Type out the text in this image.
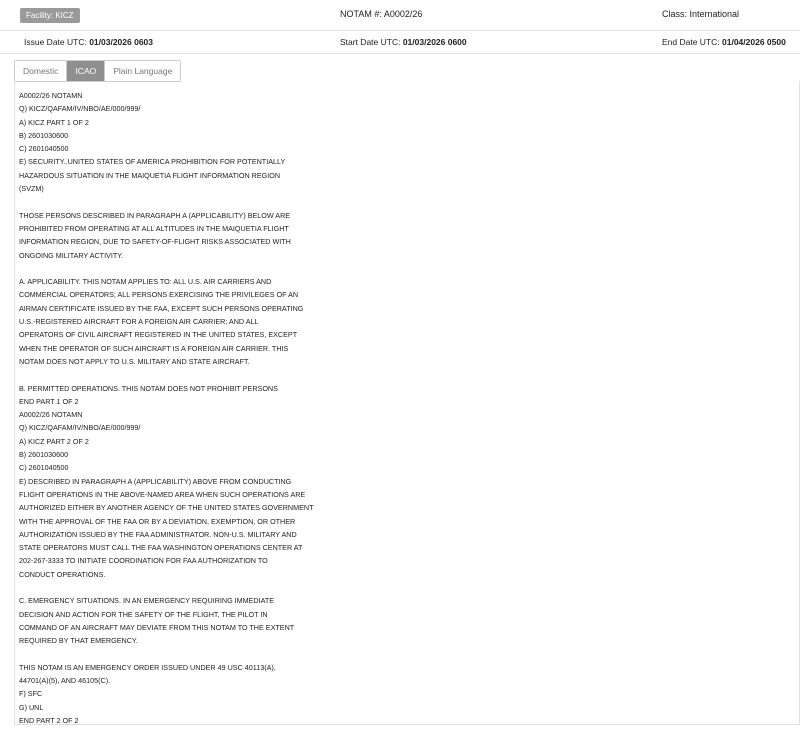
Facility: KICZ	NOTAM #: A0002/26	Class: International
Issue Date UTC: 01/03/2026 0603	Start Date UTC: 01/03/2026 0600	End Date UTC: 01/04/2026 0500
Domestic	ICAO	Plain Language
A0002/26 NOTAMN
Q) KICZ/QAFAM/IV/NBO/AE/000/999/
A) KICZ PART 1 OF 2
B) 2601030600
C) 2601040500
E) SECURITY..UNITED STATES OF AMERICA PROHIBITION FOR POTENTIALLY
HAZARDOUS SITUATION IN THE MAIQUETIA FLIGHT INFORMATION REGION
(SVZM)

THOSE PERSONS DESCRIBED IN PARAGRAPH A (APPLICABILITY) BELOW ARE
PROHIBITED FROM OPERATING AT ALL ALTITUDES IN THE MAIQUETIA FLIGHT
INFORMATION REGION, DUE TO SAFETY-OF-FLIGHT RISKS ASSOCIATED WITH
ONGOING MILITARY ACTIVITY.

A. APPLICABILITY. THIS NOTAM APPLIES TO: ALL U.S. AIR CARRIERS AND
COMMERCIAL OPERATORS; ALL PERSONS EXERCISING THE PRIVILEGES OF AN
AIRMAN CERTIFICATE ISSUED BY THE FAA, EXCEPT SUCH PERSONS OPERATING
U.S.-REGISTERED AIRCRAFT FOR A FOREIGN AIR CARRIER; AND ALL
OPERATORS OF CIVIL AIRCRAFT REGISTERED IN THE UNITED STATES, EXCEPT
WHEN THE OPERATOR OF SUCH AIRCRAFT IS A FOREIGN AIR CARRIER. THIS
NOTAM DOES NOT APPLY TO U.S. MILITARY AND STATE AIRCRAFT.

B. PERMITTED OPERATIONS. THIS NOTAM DOES NOT PROHIBIT PERSONS
END PART 1 OF 2
A0002/26 NOTAMN
Q) KICZ/QAFAM/IV/NBO/AE/000/999/
A) KICZ PART 2 OF 2
B) 2601030600
C) 2601040500
E) DESCRIBED IN PARAGRAPH A (APPLICABILITY) ABOVE FROM CONDUCTING
FLIGHT OPERATIONS IN THE ABOVE-NAMED AREA WHEN SUCH OPERATIONS ARE
AUTHORIZED EITHER BY ANOTHER AGENCY OF THE UNITED STATES GOVERNMENT
WITH THE APPROVAL OF THE FAA OR BY A DEVIATION, EXEMPTION, OR OTHER
AUTHORIZATION ISSUED BY THE FAA ADMINISTRATOR. NON-U.S. MILITARY AND
STATE OPERATORS MUST CALL THE FAA WASHINGTON OPERATIONS CENTER AT
202-267-3333 TO INITIATE COORDINATION FOR FAA AUTHORIZATION TO
CONDUCT OPERATIONS.

C. EMERGENCY SITUATIONS. IN AN EMERGENCY REQUIRING IMMEDIATE
DECISION AND ACTION FOR THE SAFETY OF THE FLIGHT, THE PILOT IN
COMMAND OF AN AIRCRAFT MAY DEVIATE FROM THIS NOTAM TO THE EXTENT
REQUIRED BY THAT EMERGENCY.

THIS NOTAM IS AN EMERGENCY ORDER ISSUED UNDER 49 USC 40113(A),
44701(A)(5), AND 46105(C).
F) SFC
G) UNL
END PART 2 OF 2
